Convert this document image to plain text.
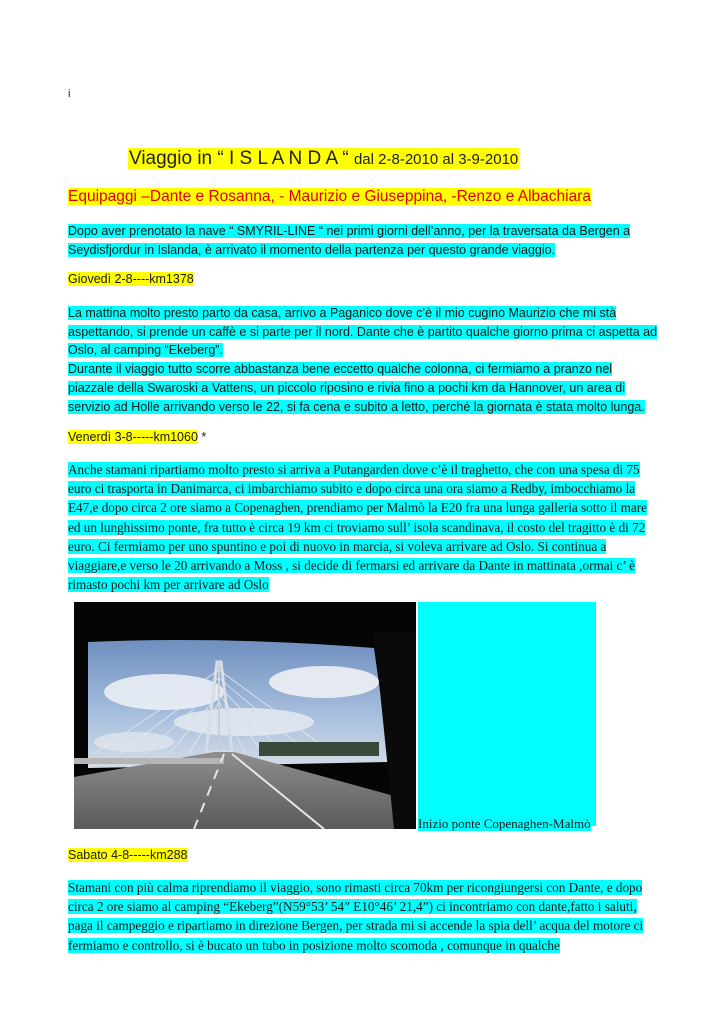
i
Viaggio in “ I S L A N D A “ dal 2-8-2010 al 3-9-2010
Equipaggi –Dante e Rosanna, - Maurizio e Giuseppina, -Renzo e Albachiara
Dopo aver prenotato la nave “ SMYRIL-LINE “ nei primi giorni dell’anno, per la traversata da Bergen a Seydisfjordur in Islanda, è arrivato il momento della partenza per questo grande viaggio.
Giovedì 2-8----km1378
La mattina molto presto parto da casa, arrivo a Paganico dove c’è il mio cugino Maurizio che mi stà aspettando, si prende un caffè e si parte per il nord. Dante che è partito qualche giorno prima ci aspetta ad Oslo, al camping “Ekeberg”.
Durante il viaggio tutto scorre abbastanza bene eccetto qualche colonna, ci fermiamo a pranzo nel piazzale della Swaroski a Vattens, un piccolo riposino e rivia fino a pochi km da Hannover, un area di servizio ad Holle arrivando verso le 22, si fa cena e subito a letto, perché la giornata è stata molto lunga.
Venerdì 3-8-----km1060 *
Anche stamani ripartiamo molto presto si arriva a Putangarden dove c’è il traghetto, che con una spesa di 75 euro ci trasporta in Danimarca, ci imbarchiamo subito e dopo circa una ora siamo a Redby, imbocchiamo la E47,e dopo circa 2 ore siamo a Copenaghen, prendiamo per Malmò la E20 fra una lunga galleria sotto il mare ed un lunghissimo ponte, fra tutto è circa 19 km ci troviamo sull’ isola scandinava, il costo del tragitto è di 72 euro. Ci fermiamo per uno spuntino e poi di nuovo in marcia, si voleva arrivare ad Oslo. Si continua a viaggiare,e verso le 20 arrivando a Moss , si decide di fermarsi ed arrivare da Dante in mattinata ,ormai c’ è rimasto pochi km per arrivare ad Oslo
Inizio ponte Copenaghen-Malmò
Sabato 4-8-----km288
Stamani con più calma riprendiamo il viaggio, sono rimasti circa 70km per ricongiungersi con Dante, e dopo circa 2 ore siamo al camping “Ekeberg”(N59°53’ 54” E10°46’ 21,4”) ci incontriamo con dante,fatto i saluti, paga il campeggio e ripartiamo in direzione Bergen, per strada mi si accende la spia dell’ acqua del motore ci fermiamo e controllo, si è bucato un tubo in posizione molto scomoda , comunque in qualche
